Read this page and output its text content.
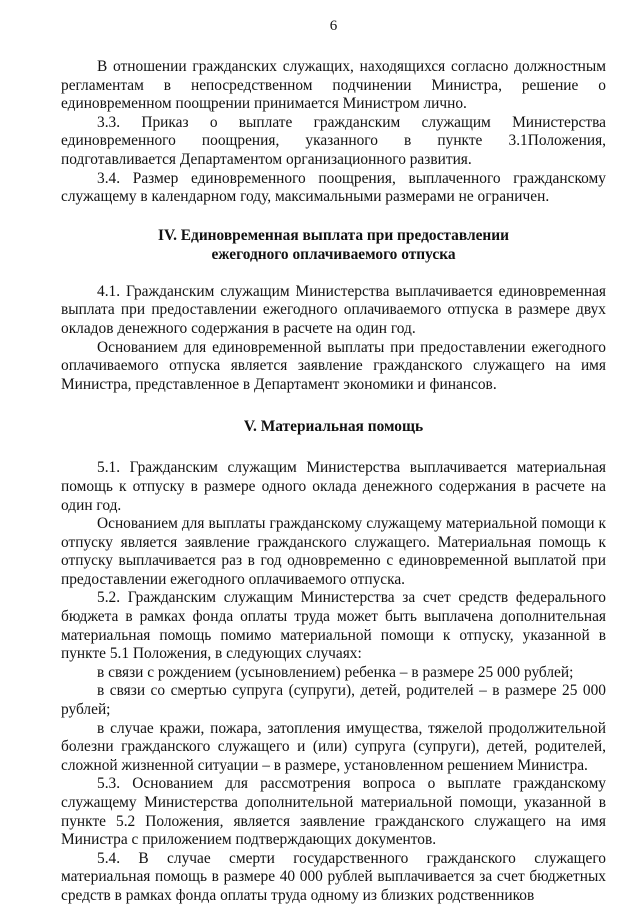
6

В отношении гражданских служащих, находящихся согласно должностным регламентам в непосредственном подчинении Министра, решение о единовременном поощрении принимается Министром лично.

3.3. Приказ о выплате гражданским служащим Министерства единовременного поощрения, указанного в пункте 3.1Положения, подготавливается Департаментом организационного развития.

3.4. Размер единовременного поощрения, выплаченного гражданскому служащему в календарном году, максимальными размерами не ограничен.

IV. Единовременная выплата при предоставлении
ежегодного оплачиваемого отпуска

4.1. Гражданским служащим Министерства выплачивается единовременная выплата при предоставлении ежегодного оплачиваемого отпуска в размере двух окладов денежного содержания в расчете на один год.

Основанием для единовременной выплаты при предоставлении ежегодного оплачиваемого отпуска является заявление гражданского служащего на имя Министра, представленное в Департамент экономики и финансов.

V. Материальная помощь

5.1. Гражданским служащим Министерства выплачивается материальная помощь к отпуску в размере одного оклада денежного содержания в расчете на один год.

Основанием для выплаты гражданскому служащему материальной помощи к отпуску является заявление гражданского служащего. Материальная помощь к отпуску выплачивается раз в год одновременно с единовременной выплатой при предоставлении ежегодного оплачиваемого отпуска.

5.2. Гражданским служащим Министерства за счет средств федерального бюджета в рамках фонда оплаты труда может быть выплачена дополнительная материальная помощь помимо материальной помощи к отпуску, указанной в пункте 5.1 Положения, в следующих случаях:

в связи с рождением (усыновлением) ребенка – в размере 25 000 рублей;

в связи со смертью супруга (супруги), детей, родителей – в размере 25 000 рублей;

в случае кражи, пожара, затопления имущества, тяжелой продолжительной болезни гражданского служащего и (или) супруга (супруги), детей, родителей, сложной жизненной ситуации – в размере, установленном решением Министра.

5.3. Основанием для рассмотрения вопроса о выплате гражданскому служащему Министерства дополнительной материальной помощи, указанной в пункте 5.2 Положения, является заявление гражданского служащего на имя Министра с приложением подтверждающих документов.

5.4. В случае смерти государственного гражданского служащего материальная помощь в размере 40 000 рублей выплачивается за счет бюджетных средств в рамках фонда оплаты труда одному из близких родственников
